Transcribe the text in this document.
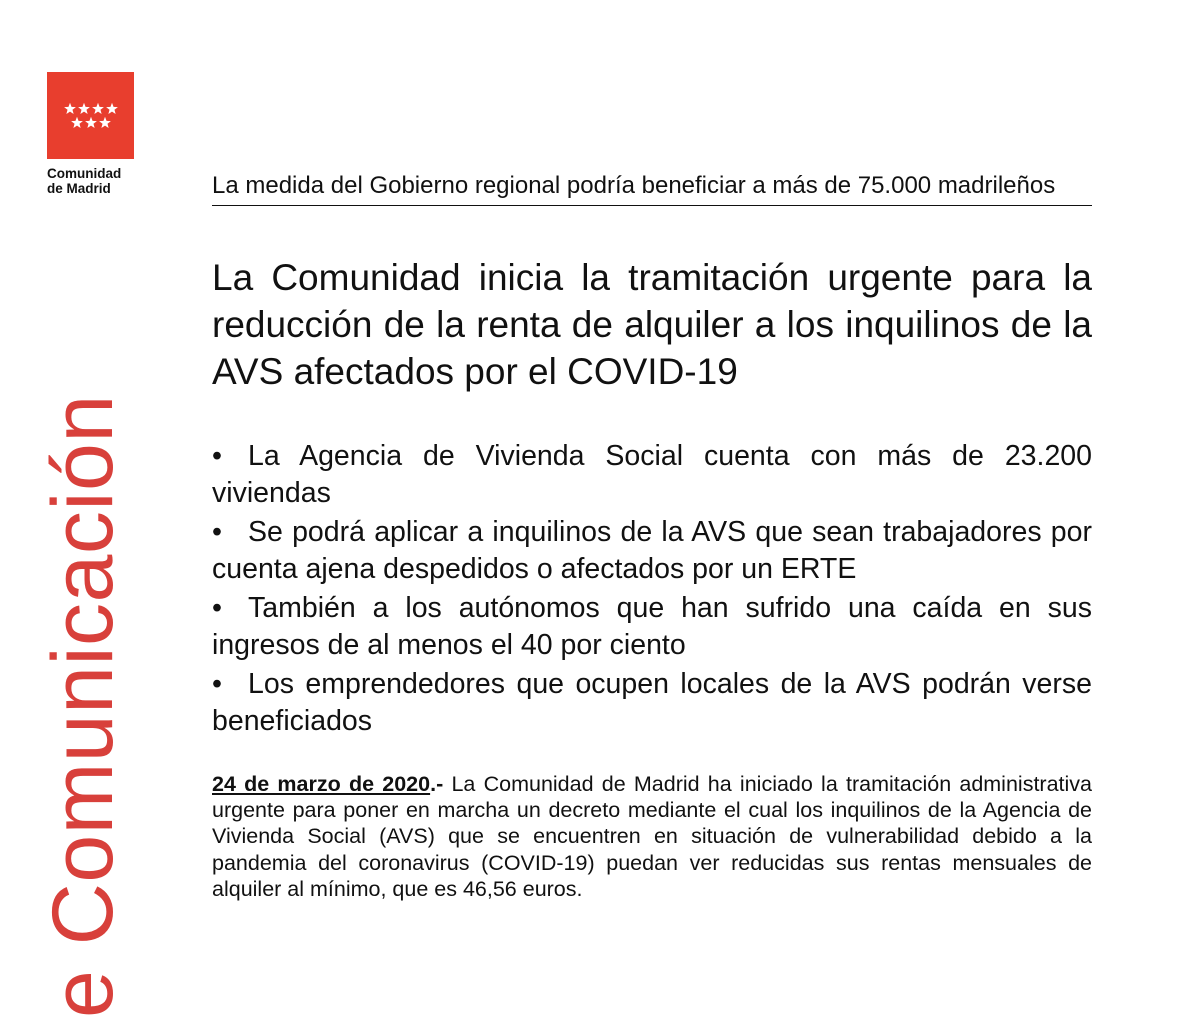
Comunidad
de Madrid
e Comunicación
La medida del Gobierno regional podría beneficiar a más de 75.000 madrileños
La Comunidad inicia la tramitación urgente para la reducción de la renta de alquiler a los inquilinos de la AVS afectados por el COVID-19
• La Agencia de Vivienda Social cuenta con más de 23.200 viviendas
• Se podrá aplicar a inquilinos de la AVS que sean trabajadores por cuenta ajena despedidos o afectados por un ERTE
• También a los autónomos que han sufrido una caída en sus ingresos de al menos el 40 por ciento
• Los emprendedores que ocupen locales de la AVS podrán verse beneficiados

24 de marzo de 2020.- La Comunidad de Madrid ha iniciado la tramitación administrativa urgente para poner en marcha un decreto mediante el cual los inquilinos de la Agencia de Vivienda Social (AVS) que se encuentren en situación de vulnerabilidad debido a la pandemia del coronavirus (COVID-19) puedan ver reducidas sus rentas mensuales de alquiler al mínimo, que es 46,56 euros.
